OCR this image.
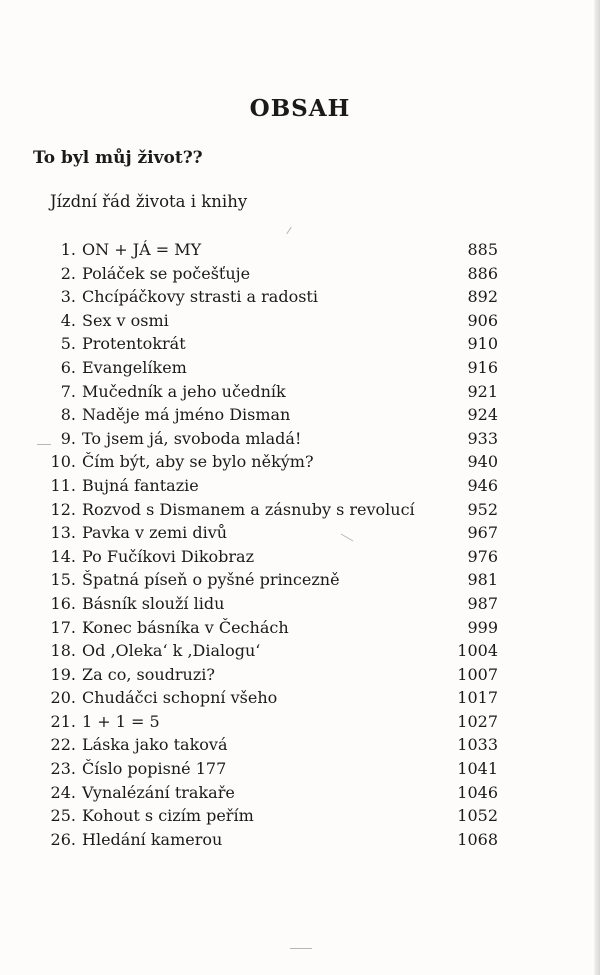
OBSAH
To byl můj život??
Jízdní řád života i knihy
1. ON + JÁ = MY	885
2. Poláček se počešťuje	886
3. Chcípáčkovy strasti a radosti	892
4. Sex v osmi	906
5. Protentokrát	910
6. Evangelíkem	916
7. Mučedník a jeho učedník	921
8. Naděje má jméno Disman	924
9. To jsem já, svoboda mladá!	933
10. Čím být, aby se bylo někým?	940
11. Bujná fantazie	946
12. Rozvod s Dismanem a zásnuby s revolucí	952
13. Pavka v zemi divů	967
14. Po Fučíkovi Dikobraz	976
15. Špatná píseň o pyšné princezně	981
16. Básník slouží lidu	987
17. Konec básníka v Čechách	999
18. Od ‚Oleka‘ k ‚Dialogu‘	1004
19. Za co, soudruzi?	1007
20. Chudáčci schopní všeho	1017
21. 1 + 1 = 5	1027
22. Láska jako taková	1033
23. Číslo popisné 177	1041
24. Vynalézání trakaře	1046
25. Kohout s cizím peřím	1052
26. Hledání kamerou	1068
